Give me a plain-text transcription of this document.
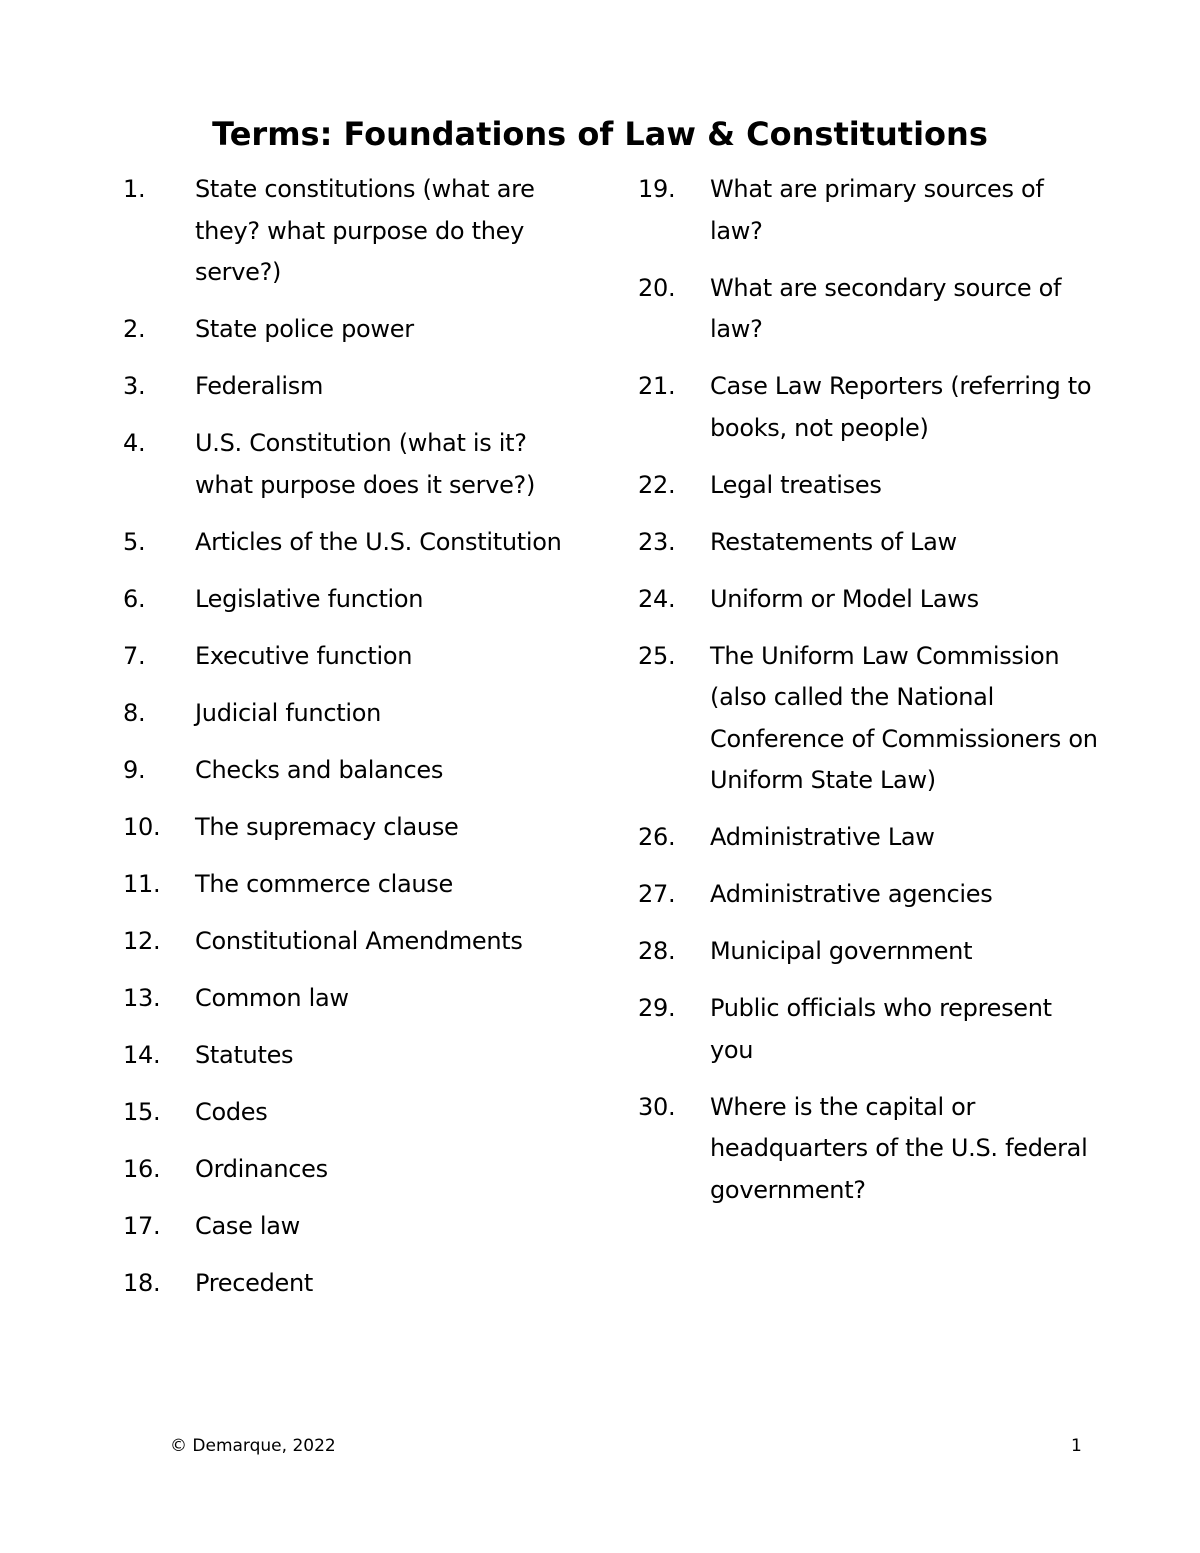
Terms: Foundations of Law & Constitutions
1.	State constitutions (what are they? what purpose do they serve?)
2.	State police power
3.	Federalism
4.	U.S. Constitution (what is it? what purpose does it serve?)
5.	Articles of the U.S. Constitution
6.	Legislative function
7.	Executive function
8.	Judicial function
9.	Checks and balances
10.	The supremacy clause
11.	The commerce clause
12.	Constitutional Amendments
13.	Common law
14.	Statutes
15.	Codes
16.	Ordinances
17.	Case law
18.	Precedent
19.	What are primary sources of law?
20.	What are secondary source of law?
21.	Case Law Reporters (referring to books, not people)
22.	Legal treatises
23.	Restatements of Law
24.	Uniform or Model Laws
25.	The Uniform Law Commission (also called the National Conference of Commissioners on Uniform State Law)
26.	Administrative Law
27.	Administrative agencies
28.	Municipal government
29.	Public officials who represent you
30.	Where is the capital or headquarters of the U.S. federal government?
© Demarque, 2022	1
